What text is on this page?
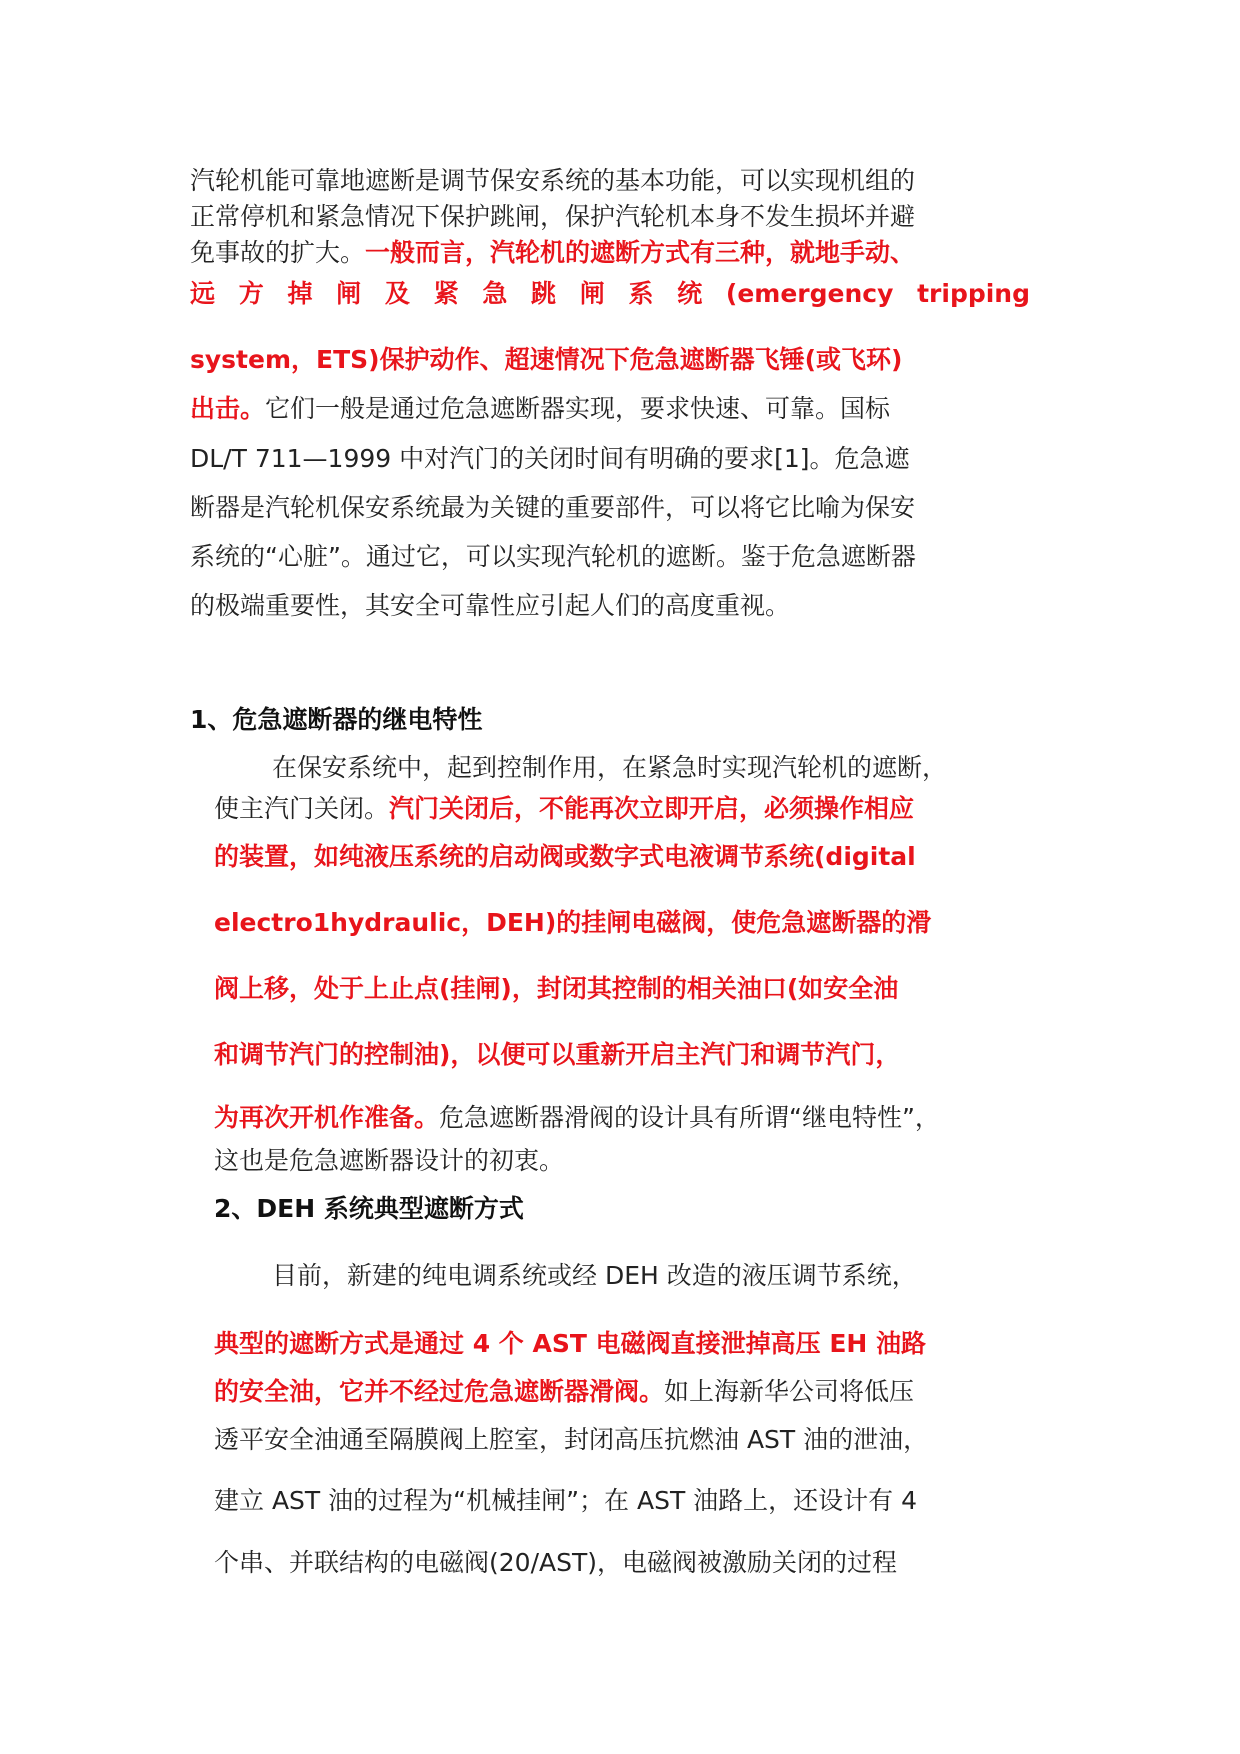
汽轮机能可靠地遮断是调节保安系统的基本功能，可以实现机组的
正常停机和紧急情况下保护跳闸，保护汽轮机本身不发生损坏并避
免事故的扩大。一般而言，汽轮机的遮断方式有三种，就地手动、
远 方 掉 闸 及 紧 急 跳 闸 系 统 (emergency tripping
system，ETS)保护动作、超速情况下危急遮断器飞锤(或飞环)
出击。它们一般是通过危急遮断器实现，要求快速、可靠。国标
DL/T 711—1999 中对汽门的关闭时间有明确的要求[1]。危急遮
断器是汽轮机保安系统最为关键的重要部件，可以将它比喻为保安
系统的“心脏”。通过它，可以实现汽轮机的遮断。鉴于危急遮断器
的极端重要性，其安全可靠性应引起人们的高度重视。
1、危急遮断器的继电特性
在保安系统中，起到控制作用，在紧急时实现汽轮机的遮断，
使主汽门关闭。汽门关闭后，不能再次立即开启，必须操作相应
的装置，如纯液压系统的启动阀或数字式电液调节系统(digital
electro1hydraulic，DEH)的挂闸电磁阀，使危急遮断器的滑
阀上移，处于上止点(挂闸)，封闭其控制的相关油口(如安全油
和调节汽门的控制油)，以便可以重新开启主汽门和调节汽门，
为再次开机作准备。危急遮断器滑阀的设计具有所谓“继电特性”，
这也是危急遮断器设计的初衷。
2、DEH 系统典型遮断方式
目前，新建的纯电调系统或经 DEH 改造的液压调节系统，
典型的遮断方式是通过 4 个 AST 电磁阀直接泄掉高压 EH 油路
的安全油，它并不经过危急遮断器滑阀。如上海新华公司将低压
透平安全油通至隔膜阀上腔室，封闭高压抗燃油 AST 油的泄油，
建立 AST 油的过程为“机械挂闸”；在 AST 油路上，还设计有 4
个串、并联结构的电磁阀(20/AST)，电磁阀被激励关闭的过程
